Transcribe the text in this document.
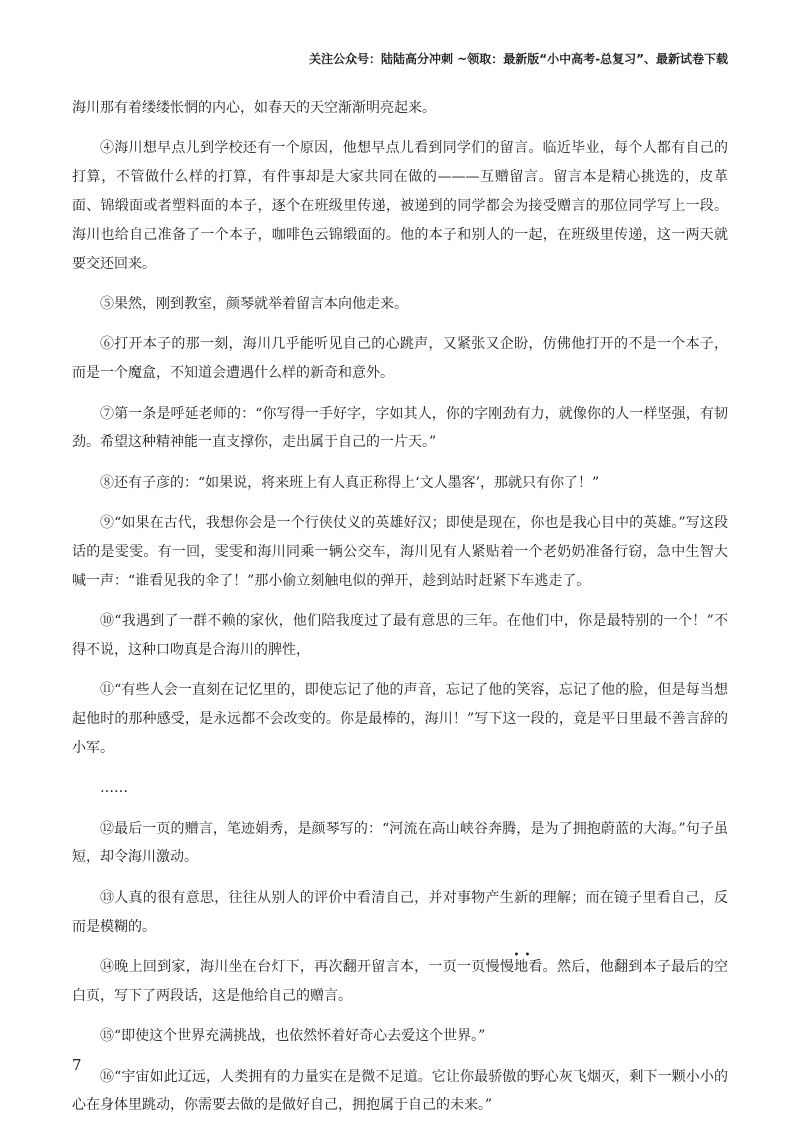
关注公众号：陆陆高分冲刺 ~领取：最新版“小中高考-总复习”、最新试卷下载

海川那有着缕缕怅惘的内心，如春天的天空渐渐明亮起来。

④海川想早点儿到学校还有一个原因，他想早点儿看到同学们的留言。临近毕业，每个人都有自己的打算，不管做什么样的打算，有件事却是大家共同在做的———互赠留言。留言本是精心挑选的，皮革面、锦缎面或者塑料面的本子，逐个在班级里传递，被递到的同学都会为接受赠言的那位同学写上一段。海川也给自己准备了一个本子，咖啡色云锦缎面的。他的本子和别人的一起，在班级里传递，这一两天就要交还回来。

⑤果然，刚到教室，颜琴就举着留言本向他走来。

⑥打开本子的那一刻，海川几乎能听见自己的心跳声，又紧张又企盼，仿佛他打开的不是一个本子，而是一个魔盒，不知道会遭遇什么样的新奇和意外。

⑦第一条是呼延老师的：“你写得一手好字，字如其人，你的字刚劲有力，就像你的人一样坚强，有韧劲。希望这种精神能一直支撑你，走出属于自己的一片天。”

⑧还有子彦的：“如果说，将来班上有人真正称得上‘文人墨客’，那就只有你了！”

⑨“如果在古代，我想你会是一个行侠仗义的英雄好汉；即使是现在，你也是我心目中的英雄。”写这段话的是雯雯。有一回，雯雯和海川同乘一辆公交车，海川见有人紧贴着一个老奶奶准备行窃，急中生智大喊一声：“谁看见我的伞了！”那小偷立刻触电似的弹开，趁到站时赶紧下车逃走了。

⑩“我遇到了一群不赖的家伙，他们陪我度过了最有意思的三年。在他们中，你是最特别的一个！”不得不说，这种口吻真是合海川的脾性，

⑪“有些人会一直刻在记忆里的，即使忘记了他的声音，忘记了他的笑容，忘记了他的脸，但是每当想起他时的那种感受，是永远都不会改变的。你是最棒的，海川！”写下这一段的，竟是平日里最不善言辞的小军。

……

⑫最后一页的赠言，笔迹娟秀，是颜琴写的：“河流在高山峡谷奔腾，是为了拥抱蔚蓝的大海。”句子虽短，却令海川激动。

⑬人真的很有意思，往往从别人的评价中看清自己，并对事物产生新的理解；而在镜子里看自己，反而是模糊的。

⑭晚上回到家，海川坐在台灯下，再次翻开留言本，一页一页
••
慢慢地看。然后，他翻到本子最后的空白页，写下了两段话，这是他给自己的赠言。

⑮“即使这个世界充满挑战，也依然怀着好奇心去爱这个世界。”

⑯“宇宙如此辽远，人类拥有的力量实在是微不足道。它让你最骄傲的野心灰飞烟灭，剩下一颗小小的心在身体里跳动，你需要去做的是做好自己，拥抱属于自己的未来。”

7
